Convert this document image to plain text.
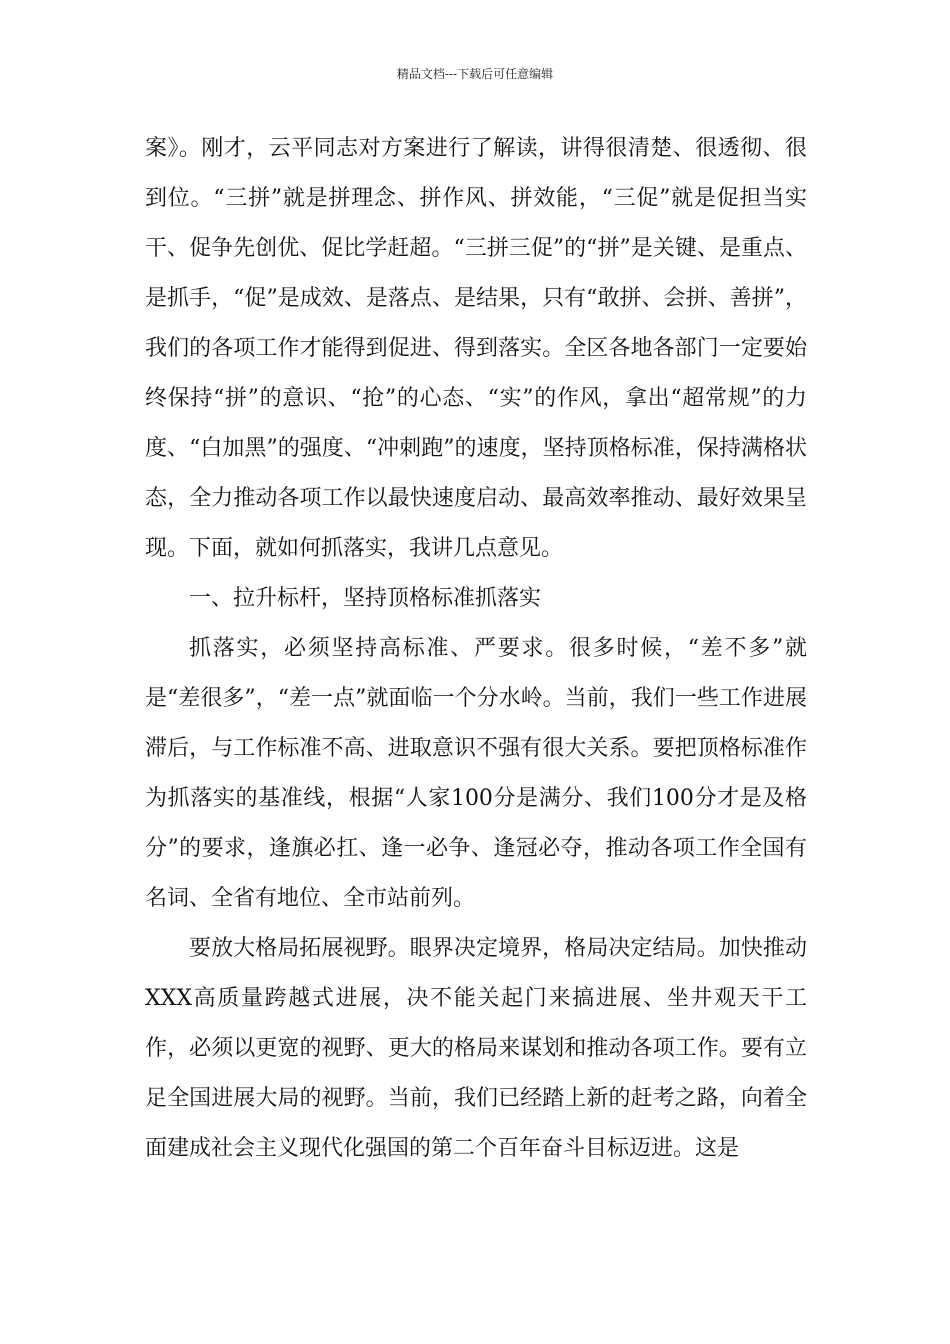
精品文档---下载后可任意编辑

案》。刚才，云平同志对方案进行了解读，讲得很清楚、很透彻、很到位。“三拼”就是拼理念、拼作风、拼效能，“三促”就是促担当实干、促争先创优、促比学赶超。“三拼三促”的“拼”是关键、是重点、是抓手，“促”是成效、是落点、是结果，只有“敢拼、会拼、善拼”，我们的各项工作才能得到促进、得到落实。全区各地各部门一定要始终保持“拼”的意识、“抢”的心态、“实”的作风，拿出“超常规”的力度、“白加黑”的强度、“冲刺跑”的速度，坚持顶格标准，保持满格状态，全力推动各项工作以最快速度启动、最高效率推动、最好效果呈现。下面，就如何抓落实，我讲几点意见。

一、拉升标杆，坚持顶格标准抓落实

抓落实，必须坚持高标准、严要求。很多时候，“差不多”就是“差很多”，“差一点”就面临一个分水岭。当前，我们一些工作进展滞后，与工作标准不高、进取意识不强有很大关系。要把顶格标准作为抓落实的基准线，根据“人家100分是满分、我们100分才是及格分”的要求，逢旗必扛、逢一必争、逢冠必夺，推动各项工作全国有名词、全省有地位、全市站前列。

要放大格局拓展视野。眼界决定境界，格局决定结局。加快推动XXX高质量跨越式进展，决不能关起门来搞进展、坐井观天干工作，必须以更宽的视野、更大的格局来谋划和推动各项工作。要有立足全国进展大局的视野。当前，我们已经踏上新的赶考之路，向着全面建成社会主义现代化强国的第二个百年奋斗目标迈进。这是
